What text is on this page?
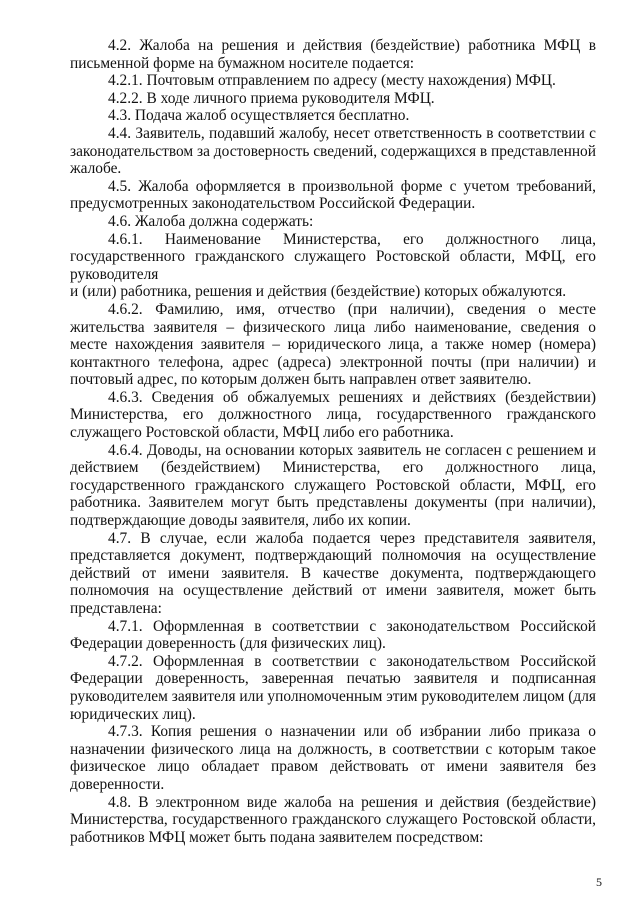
4.2. Жалоба на решения и действия (бездействие) работника МФЦ в письменной форме на бумажном носителе подается:

4.2.1. Почтовым отправлением по адресу (месту нахождения) МФЦ.

4.2.2. В ходе личного приема руководителя МФЦ.

4.3. Подача жалоб осуществляется бесплатно.

4.4. Заявитель, подавший жалобу, несет ответственность в соответствии с законодательством за достоверность сведений, содержащихся в представленной жалобе.

4.5. Жалоба оформляется в произвольной форме с учетом требований, предусмотренных законодательством Российской Федерации.

4.6. Жалоба должна содержать:

4.6.1. Наименование Министерства, его должностного лица, государственного гражданского служащего Ростовской области, МФЦ, его руководителя

и (или) работника, решения и действия (бездействие) которых обжалуются.

4.6.2. Фамилию, имя, отчество (при наличии), сведения о месте жительства заявителя – физического лица либо наименование, сведения о месте нахождения заявителя – юридического лица, а также номер (номера) контактного телефона, адрес (адреса) электронной почты (при наличии) и почтовый адрес, по которым должен быть направлен ответ заявителю.

4.6.3. Сведения об обжалуемых решениях и действиях (бездействии) Министерства, его должностного лица, государственного гражданского служащего Ростовской области, МФЦ либо его работника.

4.6.4. Доводы, на основании которых заявитель не согласен с решением и действием (бездействием) Министерства, его должностного лица, государственного гражданского служащего Ростовской области, МФЦ, его работника. Заявителем могут быть представлены документы (при наличии), подтверждающие доводы заявителя, либо их копии.

4.7. В случае, если жалоба подается через представителя заявителя, представляется документ, подтверждающий полномочия на осуществление действий от имени заявителя. В качестве документа, подтверждающего полномочия на осуществление действий от имени заявителя, может быть представлена:

4.7.1. Оформленная в соответствии с законодательством Российской Федерации доверенность (для физических лиц).

4.7.2. Оформленная в соответствии с законодательством Российской Федерации доверенность, заверенная печатью заявителя и подписанная руководителем заявителя или уполномоченным этим руководителем лицом (для юридических лиц).

4.7.3. Копия решения о назначении или об избрании либо приказа о назначении физического лица на должность, в соответствии с которым такое физическое лицо обладает правом действовать от имени заявителя без доверенности.

4.8. В электронном виде жалоба на решения и действия (бездействие) Министерства, государственного гражданского служащего Ростовской области, работников МФЦ может быть подана заявителем посредством:

5
